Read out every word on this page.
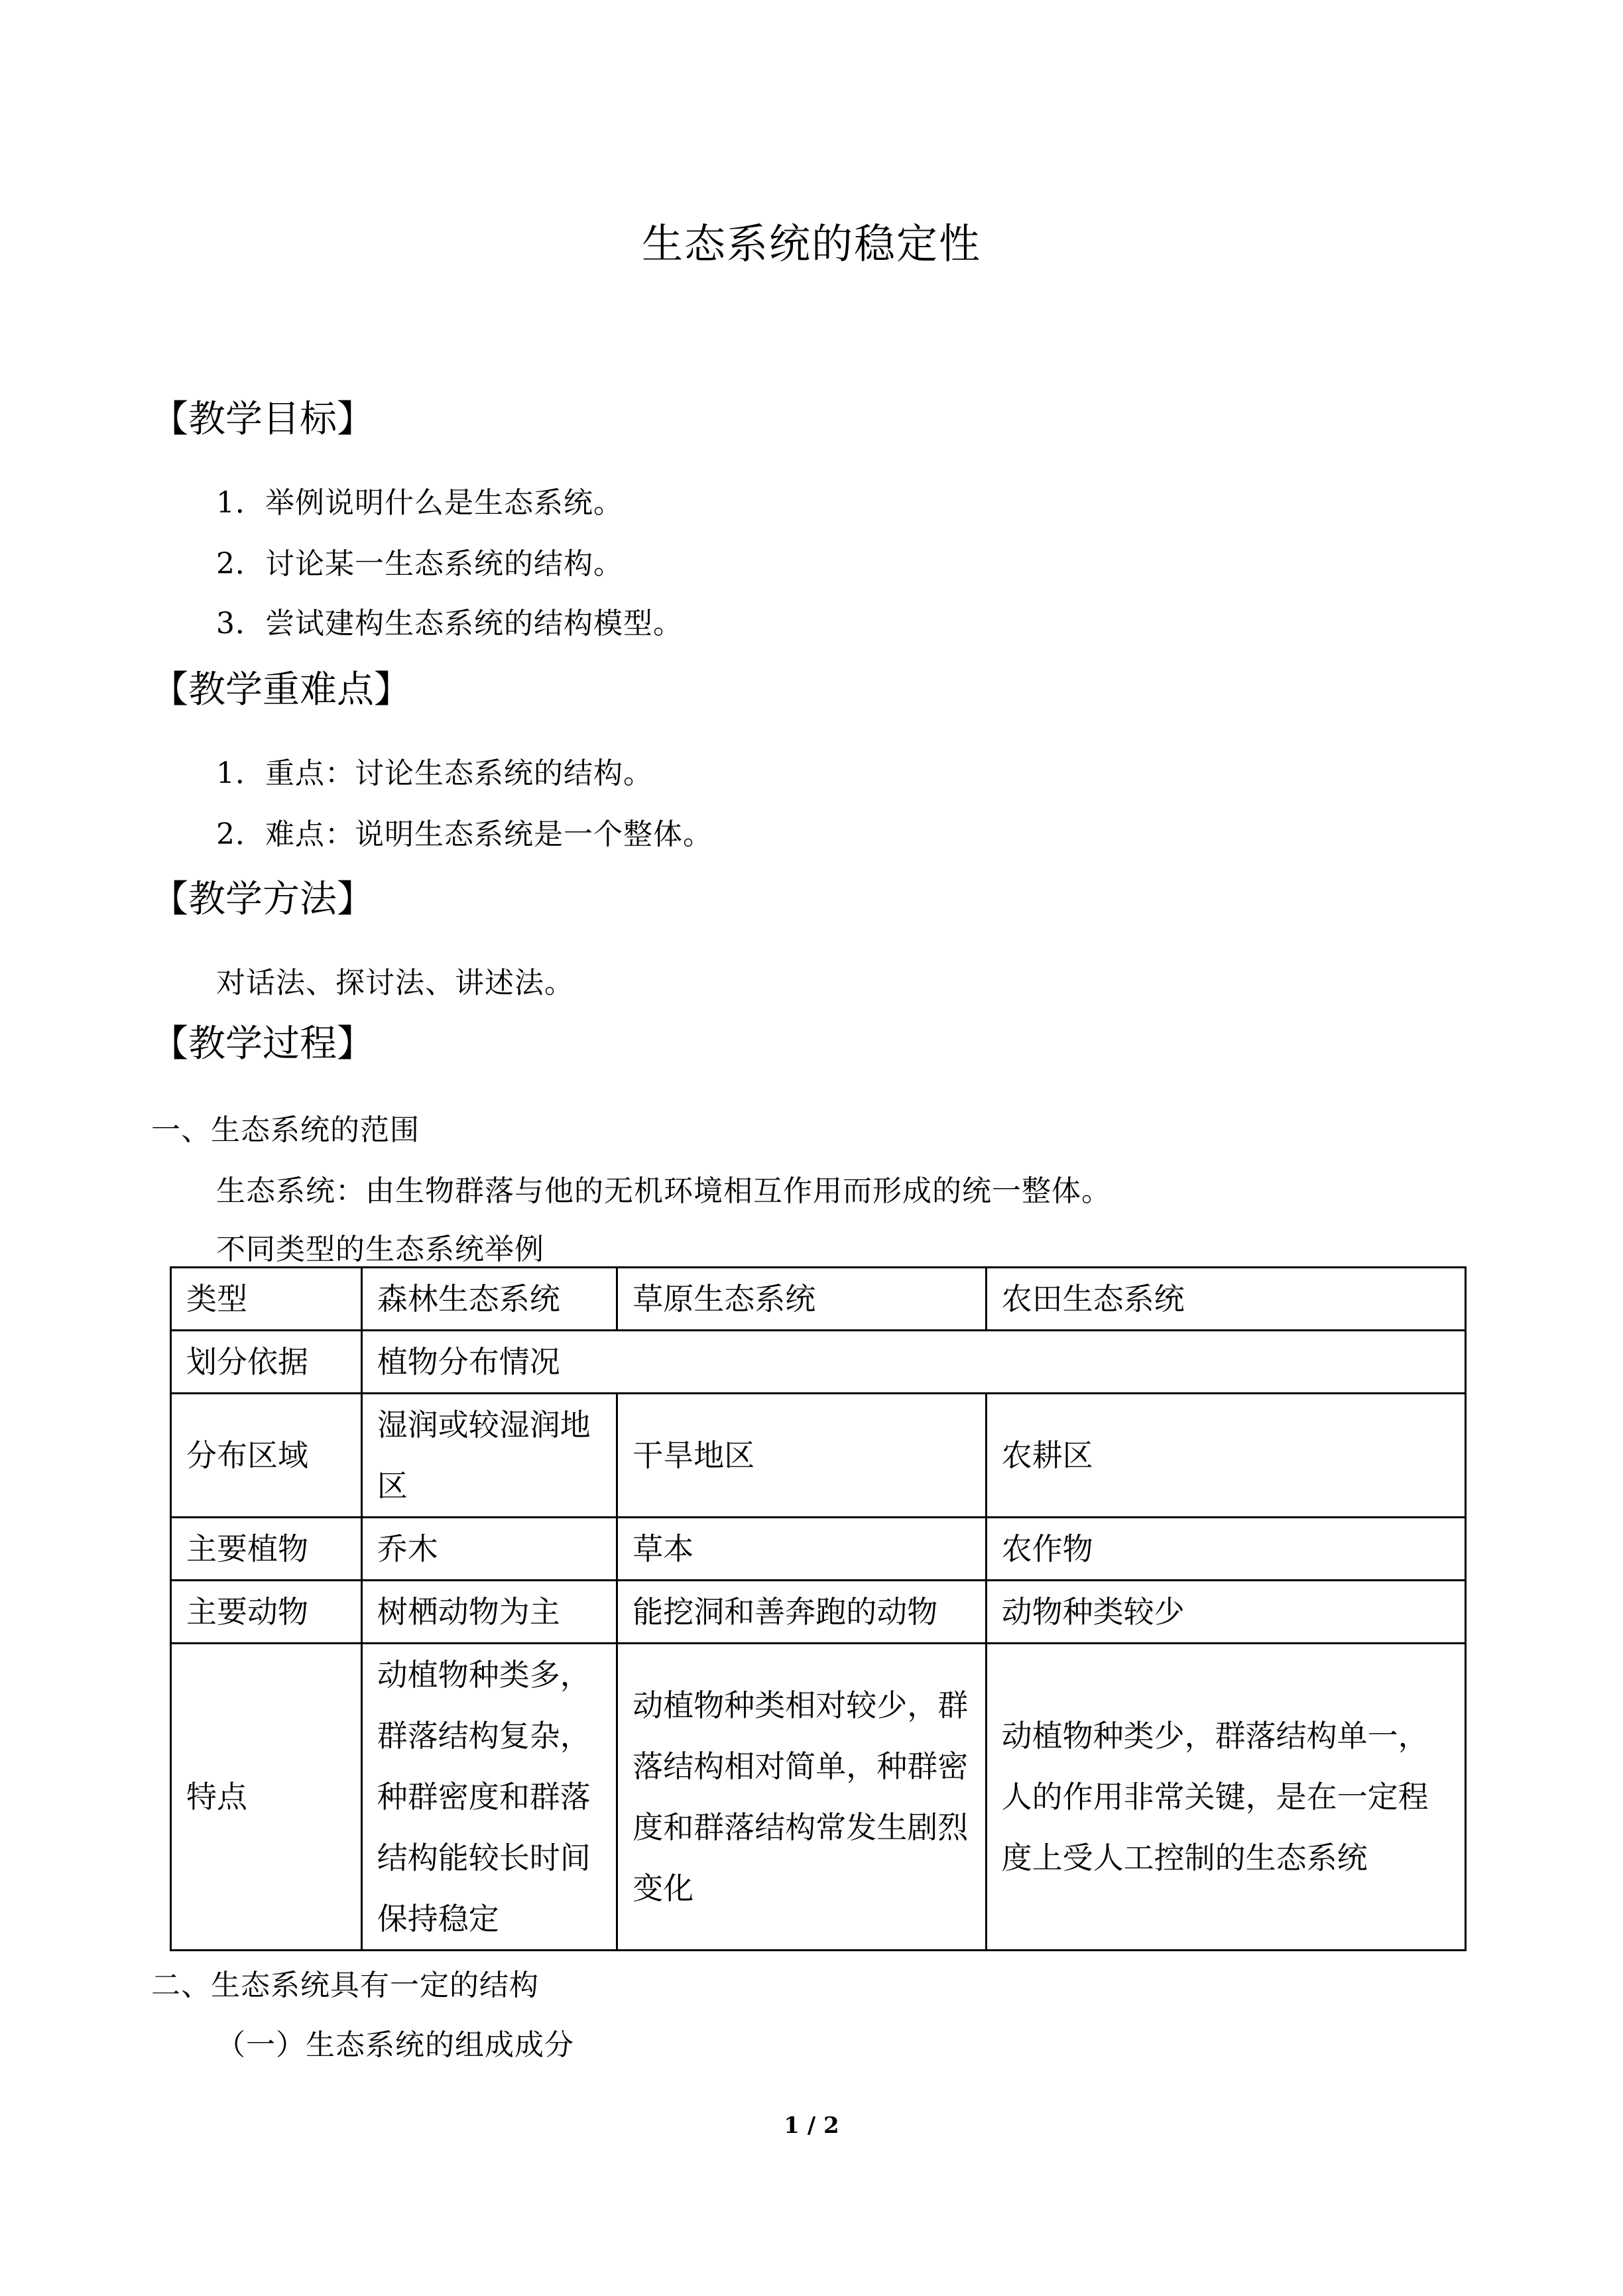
生态系统的稳定性
【教学目标】
1．举例说明什么是生态系统。
2．讨论某一生态系统的结构。
3．尝试建构生态系统的结构模型。
【教学重难点】
1．重点：讨论生态系统的结构。
2．难点：说明生态系统是一个整体。
【教学方法】
对话法、探讨法、讲述法。
【教学过程】
一、生态系统的范围
生态系统：由生物群落与他的无机环境相互作用而形成的统一整体。
不同类型的生态系统举例
类型	森林生态系统	草原生态系统	农田生态系统
划分依据	植物分布情况		
分布区域	湿润或较湿润地区	干旱地区	农耕区
主要植物	乔木	草本	农作物
主要动物	树栖动物为主	能挖洞和善奔跑的动物	动物种类较少
特点	动植物种类多，群落结构复杂，种群密度和群落结构能较长时间保持稳定	动植物种类相对较少，群落结构相对简单，种群密度和群落结构常发生剧烈变化	动植物种类少，群落结构单一，人的作用非常关键，是在一定程度上受人工控制的生态系统
二、生态系统具有一定的结构
（一）生态系统的组成成分
1 / 2
